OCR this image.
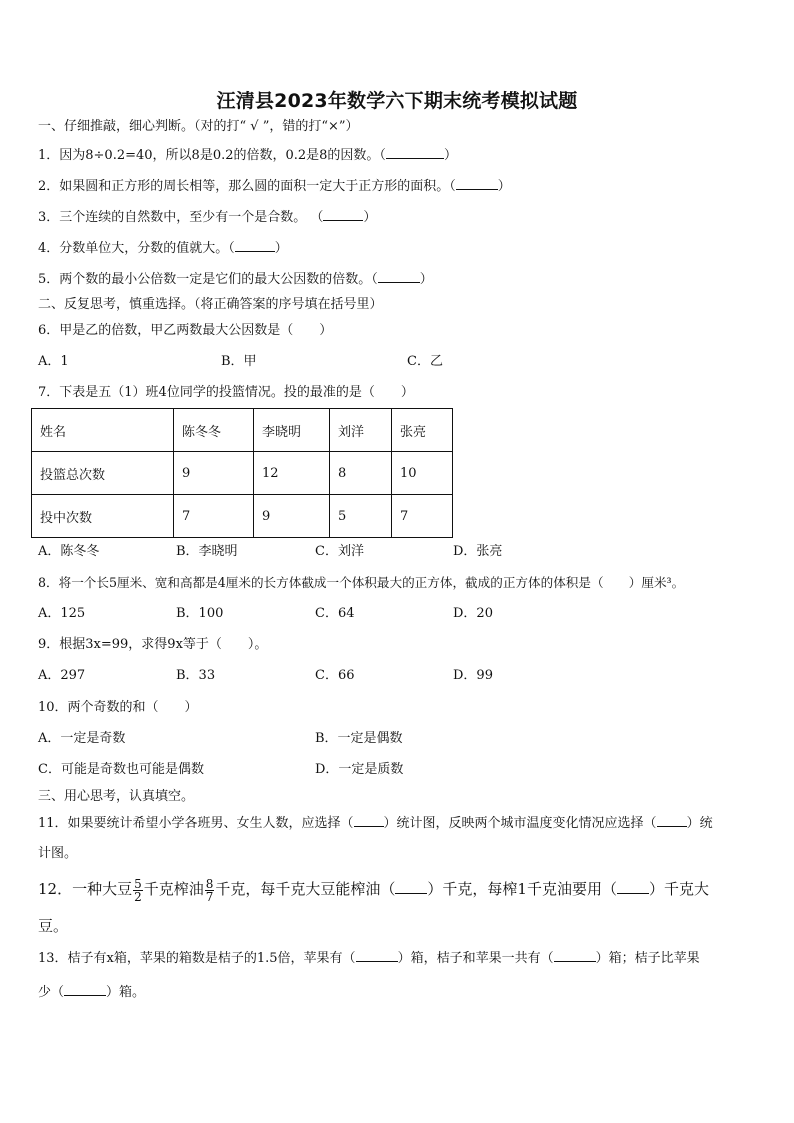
汪清县2023年数学六下期末统考模拟试题
一、仔细推敲，细心判断。（对的打“ √ ”，错的打“×”）
1．因为8÷0.2=40，所以8是0.2的倍数，0.2是8的因数。（	）
2．如果圆和正方形的周长相等，那么圆的面积一定大于正方形的面积。（	）
3．三个连续的自然数中，至少有一个是合数。 （	）
4．分数单位大，分数的值就大。（	）
5．两个数的最小公倍数一定是它们的最大公因数的倍数。（	）
二、反复思考，慎重选择。（将正确答案的序号填在括号里）
6．甲是乙的倍数，甲乙两数最大公因数是（　　）
A．1	B．甲	C．乙
7．下表是五（1）班4位同学的投篮情况。投的最准的是（　　）
姓名	陈冬冬	李晓明	刘洋	张亮
投篮总次数	9	12	8	10
投中次数	7	9	5	7
A．陈冬冬	B．李晓明	C．刘洋	D．张亮
8．将一个长5厘米、宽和高都是4厘米的长方体截成一个体积最大的正方体，截成的正方体的体积是（　　）厘米³。
A．125	B．100	C．64	D．20
9．根据3x=99，求得9x等于（　　）。
A．297	B．33	C．66	D．99
10．两个奇数的和（　　）
A．一定是奇数	B．一定是偶数
C．可能是奇数也可能是偶数	D．一定是质数
三、用心思考，认真填空。
11．如果要统计希望小学各班男、女生人数，应选择（ ）统计图，反映两个城市温度变化情况应选择（ ）统
计图。
12．一种大豆 $\frac{5}{2}$ 千克榨油 $\frac{8}{7}$ 千克，每千克大豆能榨油（ ）千克，每榨1千克油要用（ ）千克大
豆。
13．桔子有x箱，苹果的箱数是桔子的1.5倍，苹果有（	）箱，桔子和苹果一共有（	）箱；桔子比苹果
少（	）箱。
